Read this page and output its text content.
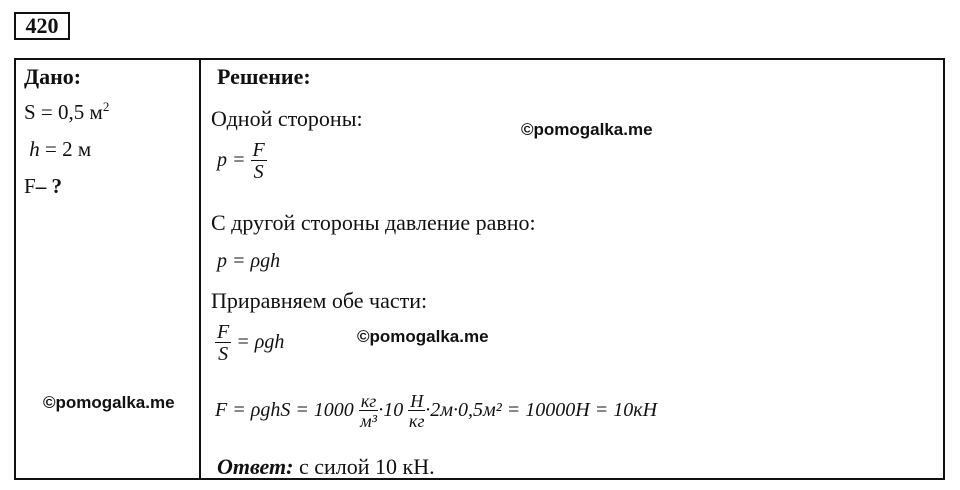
420
Дано:
S = 0,5 $м^2$
h = 2 м
F– ?
Решение:
Одной стороны:
$p = \frac{F}{S}$
С другой стороны давление равно:
p = ρgh
Приравняем обе части:
$\frac{F}{S} = \rho gh$
$F = \rho ghS = 1000 \frac{кг}{\text{м³}} \cdot 10 \frac{Н}{кг} \cdot 2м\cdot 0,5м^2 = 10000Н = 10кН$
Ответ: с силой 10 кН.
©pomogalka.me
©pomogalka.me
©pomogalka.me
